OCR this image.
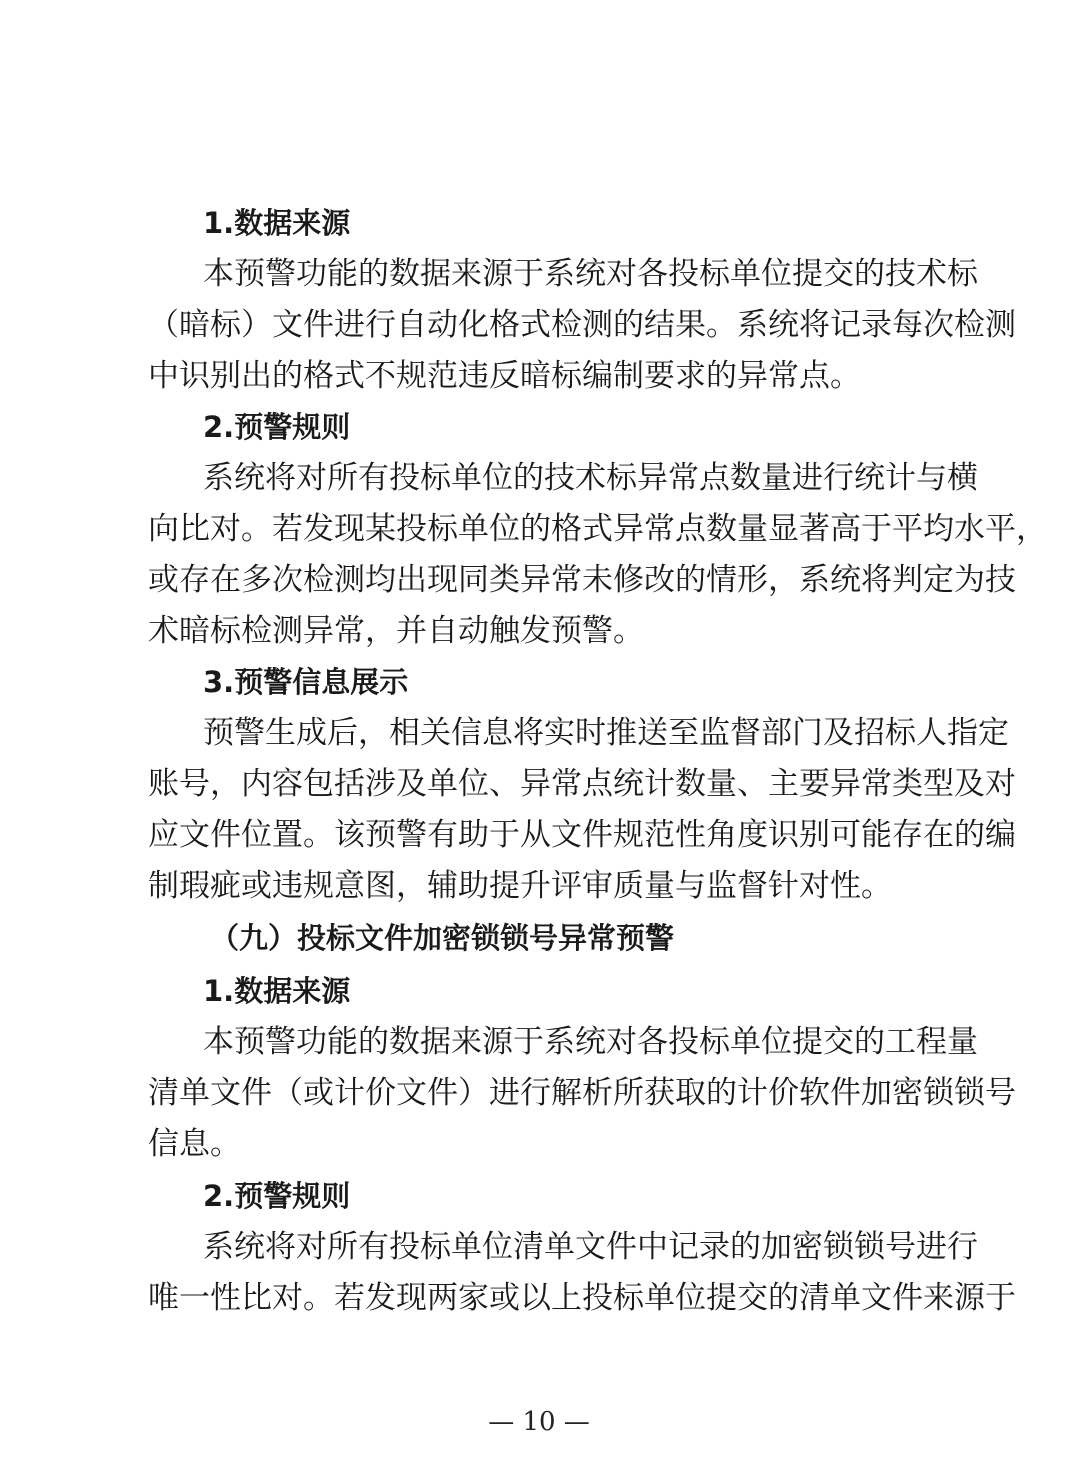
1.数据来源
本预警功能的数据来源于系统对各投标单位提交的技术标
（暗标）文件进行自动化格式检测的结果。系统将记录每次检测
中识别出的格式不规范违反暗标编制要求的异常点。
2.预警规则
系统将对所有投标单位的技术标异常点数量进行统计与横
向比对。若发现某投标单位的格式异常点数量显著高于平均水平，
或存在多次检测均出现同类异常未修改的情形，系统将判定为技
术暗标检测异常，并自动触发预警。
3.预警信息展示
预警生成后，相关信息将实时推送至监督部门及招标人指定
账号，内容包括涉及单位、异常点统计数量、主要异常类型及对
应文件位置。该预警有助于从文件规范性角度识别可能存在的编
制瑕疵或违规意图，辅助提升评审质量与监督针对性。
（九）投标文件加密锁锁号异常预警
1.数据来源
本预警功能的数据来源于系统对各投标单位提交的工程量
清单文件（或计价文件）进行解析所获取的计价软件加密锁锁号
信息。
2.预警规则
系统将对所有投标单位清单文件中记录的加密锁锁号进行
唯一性比对。若发现两家或以上投标单位提交的清单文件来源于
— 10 —
